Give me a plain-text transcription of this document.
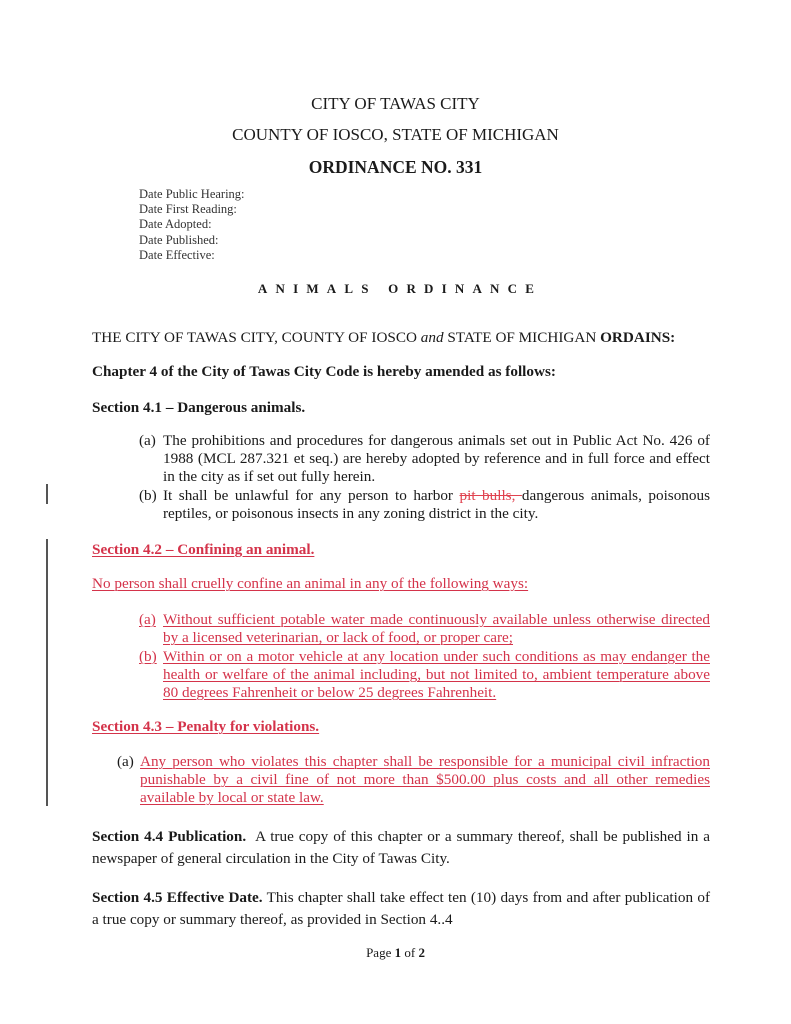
CITY OF TAWAS CITY
COUNTY OF IOSCO, STATE OF MICHIGAN
ORDINANCE NO. 331
Date Public Hearing:
Date First Reading:
Date Adopted:
Date Published:
Date Effective:
ANIMALS ORDINANCE
THE CITY OF TAWAS CITY, COUNTY OF IOSCO and STATE OF MICHIGAN ORDAINS:
Chapter 4 of the City of Tawas City Code is hereby amended as follows:
Section 4.1 – Dangerous animals.
(a) The prohibitions and procedures for dangerous animals set out in Public Act No. 426 of 1988 (MCL 287.321 et seq.) are hereby adopted by reference and in full force and effect in the city as if set out fully herein.
(b) It shall be unlawful for any person to harbor pit bulls, dangerous animals, poisonous reptiles, or poisonous insects in any zoning district in the city.
Section 4.2 – Confining an animal.
No person shall cruelly confine an animal in any of the following ways:
(a) Without sufficient potable water made continuously available unless otherwise directed by a licensed veterinarian, or lack of food, or proper care;
(b) Within or on a motor vehicle at any location under such conditions as may endanger the health or welfare of the animal including, but not limited to, ambient temperature above 80 degrees Fahrenheit or below 25 degrees Fahrenheit.
Section 4.3 – Penalty for violations.
(a) Any person who violates this chapter shall be responsible for a municipal civil infraction punishable by a civil fine of not more than $500.00 plus costs and all other remedies available by local or state law.
Section 4.4 Publication.  A true copy of this chapter or a summary thereof, shall be published in a newspaper of general circulation in the City of Tawas City.
Section 4.5 Effective Date. This chapter shall take effect ten (10) days from and after publication of a true copy or summary thereof, as provided in Section 4..4
Page 1 of 2
